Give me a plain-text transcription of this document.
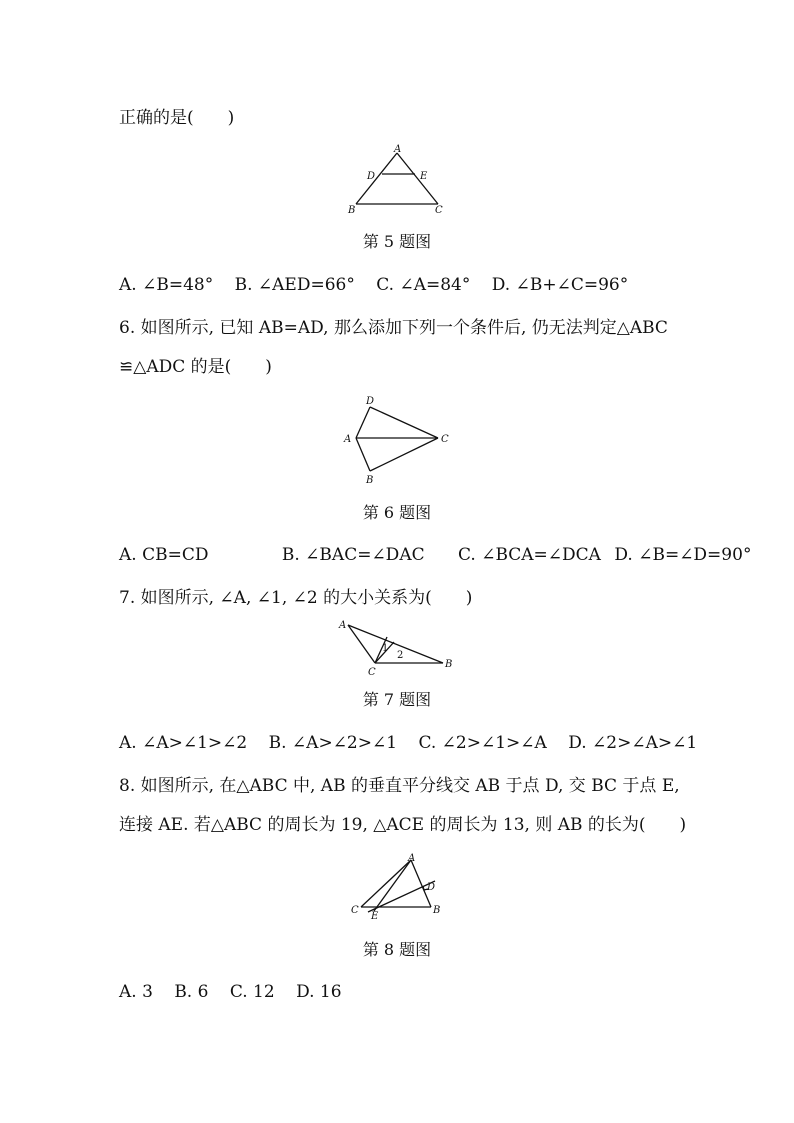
正确的是(　　)
A
D	E
B	C
第 5 题图
A. ∠B=48° B. ∠AED=66° C. ∠A=84° D. ∠B+∠C=96°
6. 如图所示, 已知 AB=AD, 那么添加下列一个条件后, 仍无法判定△ABC
≌△ADC 的是(　　)
D
A	C
B
第 6 题图
A. CB=CD	B. ∠BAC=∠DAC C. ∠BCA=∠DCA D. ∠B=∠D=90°
7. 如图所示, ∠A, ∠1, ∠2 的大小关系为(　　)
A
C
B
1
2
第 7 题图
A. ∠A>∠1>∠2 B. ∠A>∠2>∠1 C. ∠2>∠1>∠A D. ∠2>∠A>∠1
8. 如图所示, 在△ABC 中, AB 的垂直平分线交 AB 于点 D, 交 BC 于点 E,
连接 AE. 若△ABC 的周长为 19, △ACE 的周长为 13, 则 AB 的长为(　　)
A
D
C
E
B
第 8 题图
A. 3 B. 6 C. 12 D. 16
